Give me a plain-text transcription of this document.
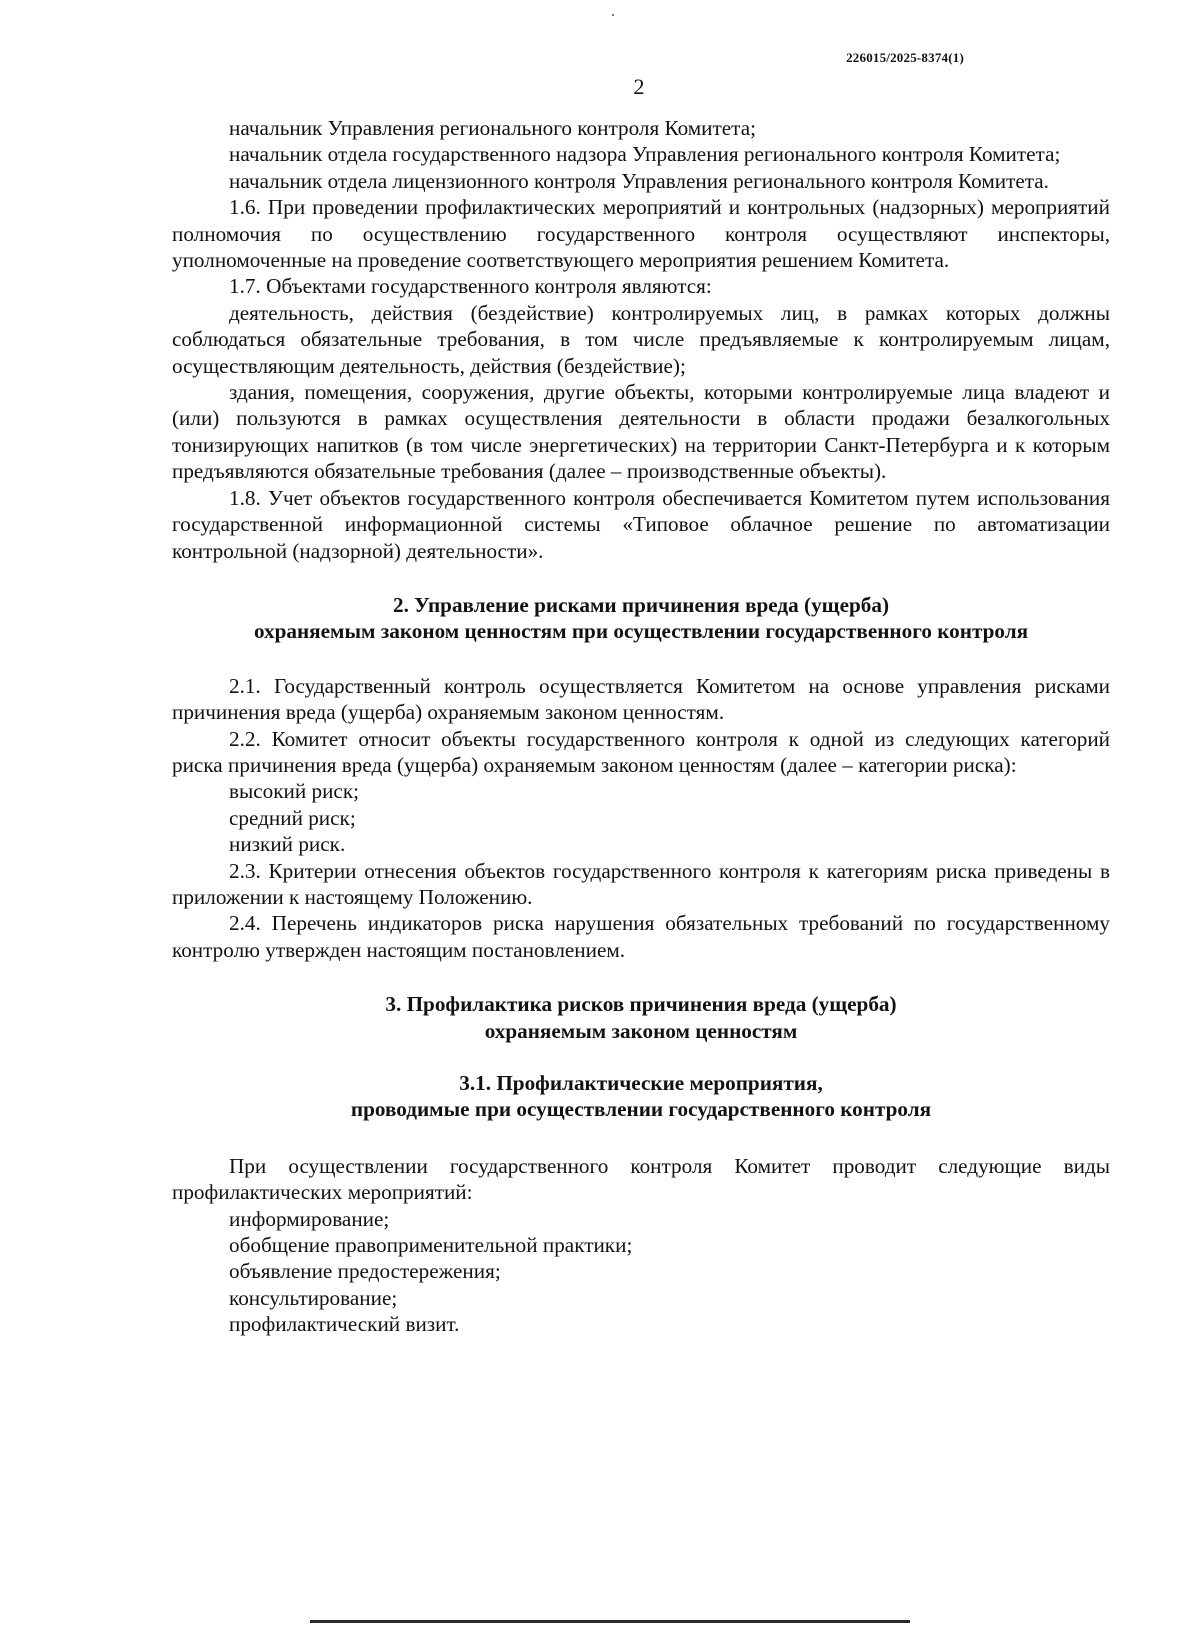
226015/2025-8374(1)
2

начальник Управления регионального контроля Комитета;

начальник отдела государственного надзора Управления регионального контроля Комитета;

начальник отдела лицензионного контроля Управления регионального контроля Комитета.

1.6. При проведении профилактических мероприятий и контрольных (надзорных) мероприятий полномочия по осуществлению государственного контроля осуществляют инспекторы, уполномоченные на проведение соответствующего мероприятия решением Комитета.

1.7. Объектами государственного контроля являются:

деятельность, действия (бездействие) контролируемых лиц, в рамках которых должны соблюдаться обязательные требования, в том числе предъявляемые к контролируемым лицам, осуществляющим деятельность, действия (бездействие);

здания, помещения, сооружения, другие объекты, которыми контролируемые лица владеют и (или) пользуются в рамках осуществления деятельности в области продажи безалкогольных тонизирующих напитков (в том числе энергетических) на территории Санкт-Петербурга и к которым предъявляются обязательные требования (далее – производственные объекты).

1.8. Учет объектов государственного контроля обеспечивается Комитетом путем использования государственной информационной системы «Типовое облачное решение по автоматизации контрольной (надзорной) деятельности».

2. Управление рисками причинения вреда (ущерба)

охраняемым законом ценностям при осуществлении государственного контроля

2.1. Государственный контроль осуществляется Комитетом на основе управления рисками причинения вреда (ущерба) охраняемым законом ценностям.

2.2. Комитет относит объекты государственного контроля к одной из следующих категорий риска причинения вреда (ущерба) охраняемым законом ценностям (далее – категории риска):

высокий риск;

средний риск;

низкий риск.

2.3. Критерии отнесения объектов государственного контроля к категориям риска приведены в приложении к настоящему Положению.

2.4. Перечень индикаторов риска нарушения обязательных требований по государственному контролю утвержден настоящим постановлением.

3. Профилактика рисков причинения вреда (ущерба)

охраняемым законом ценностям

3.1. Профилактические мероприятия,

проводимые при осуществлении государственного контроля

При осуществлении государственного контроля Комитет проводит следующие виды профилактических мероприятий:

информирование;

обобщение правоприменительной практики;

объявление предостережения;

консультирование;

профилактический визит.
